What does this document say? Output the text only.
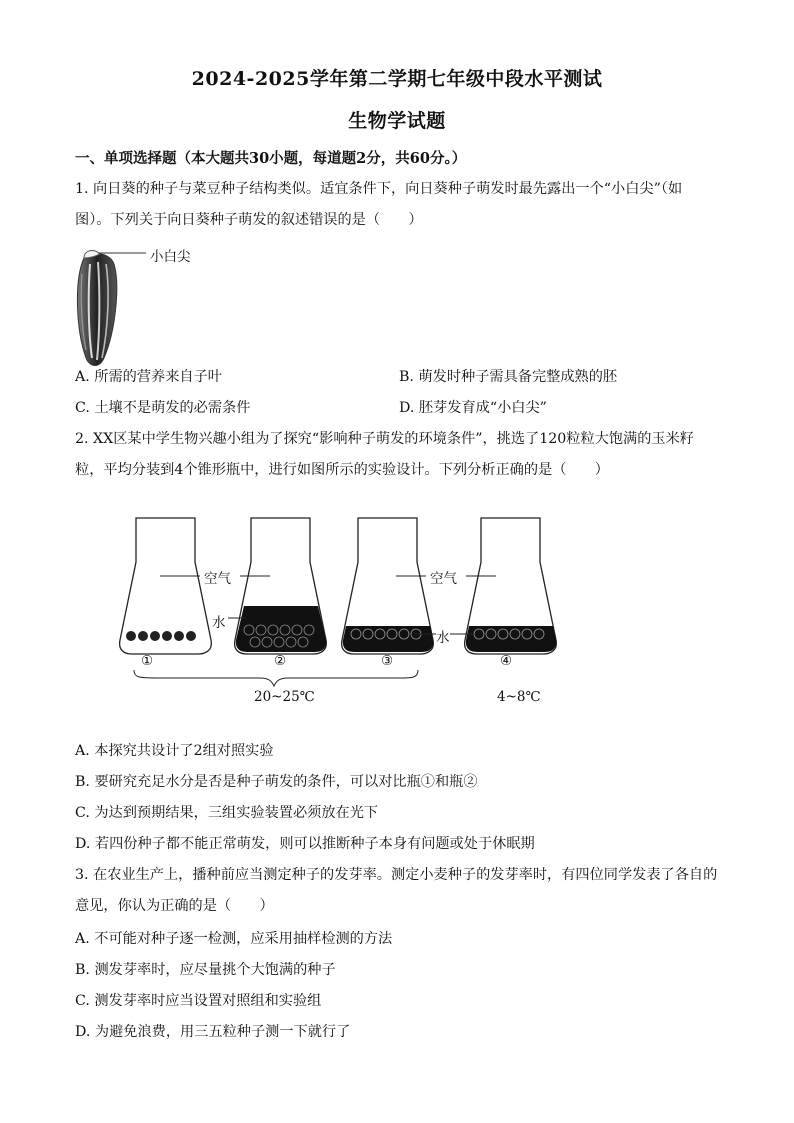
2024-2025学年第二学期七年级中段水平测试
生物学试题
一、单项选择题（本大题共30小题，每道题2分，共60分。）
1. 向日葵的种子与菜豆种子结构类似。适宜条件下，向日葵种子萌发时最先露出一个“小白尖”（如
图）。下列关于向日葵种子萌发的叙述错误的是（　　）
小白尖
A. 所需的营养来自子叶	B. 萌发时种子需具备完整成熟的胚
C. 土壤不是萌发的必需条件	D. 胚芽发育成“小白尖”
2. XX区某中学生物兴趣小组为了探究“影响种子萌发的环境条件”，挑选了120粒粒大饱满的玉米籽
粒，平均分装到4个锥形瓶中，进行如图所示的实验设计。下列分析正确的是（　　）
空气	空气
水
水
①	②	③	④
20~25℃	4~8℃
A. 本探究共设计了2组对照实验
B. 要研究充足水分是否是种子萌发的条件，可以对比瓶①和瓶②
C. 为达到预期结果，三组实验装置必须放在光下
D. 若四份种子都不能正常萌发，则可以推断种子本身有问题或处于休眠期
3. 在农业生产上，播种前应当测定种子的发芽率。测定小麦种子的发芽率时，有四位同学发表了各自的
意见，你认为正确的是（　　）
A. 不可能对种子逐一检测，应采用抽样检测的方法
B. 测发芽率时，应尽量挑个大饱满的种子
C. 测发芽率时应当设置对照组和实验组
D. 为避免浪费，用三五粒种子测一下就行了
